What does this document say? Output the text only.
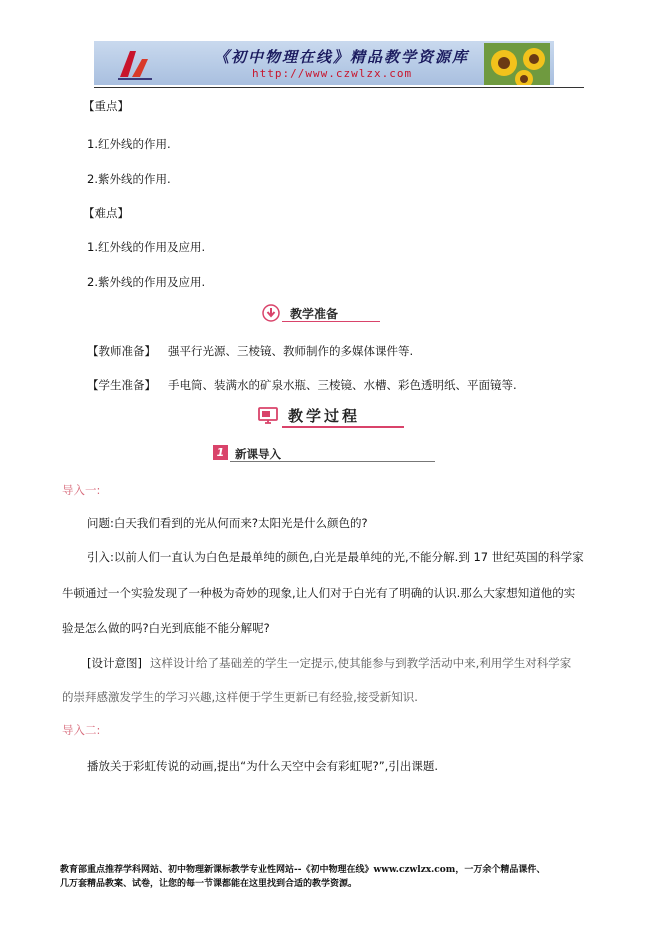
《初中物理在线》精品教学资源库
http://www.czwlzx.com
【重点】
1.红外线的作用.
2.紫外线的作用.
【难点】
1.红外线的作用及应用.
2.紫外线的作用及应用.
教学准备
【教师准备】 强平行光源、三棱镜、教师制作的多媒体课件等.
【学生准备】 手电筒、装满水的矿泉水瓶、三棱镜、水槽、彩色透明纸、平面镜等.
教学过程
1 新课导入
导入一:
问题:白天我们看到的光从何而来?太阳光是什么颜色的?
引入:以前人们一直认为白色是最单纯的颜色,白光是最单纯的光,不能分解.到 17 世纪英国的科学家
牛顿通过一个实验发现了一种极为奇妙的现象,让人们对于白光有了明确的认识.那么大家想知道他的实
验是怎么做的吗?白光到底能不能分解呢?
[设计意图] 这样设计给了基础差的学生一定提示,使其能参与到教学活动中来,利用学生对科学家
的崇拜感激发学生的学习兴趣,这样便于学生更新已有经验,接受新知识.
导入二:
播放关于彩虹传说的动画,提出“为什么天空中会有彩虹呢?”,引出课题.
教育部重点推荐学科网站、初中物理新课标教学专业性网站--《初中物理在线》www.czwlzx.com，一万余个精品课件、
几万套精品教案、试卷，让您的每一节课都能在这里找到合适的教学资源。
